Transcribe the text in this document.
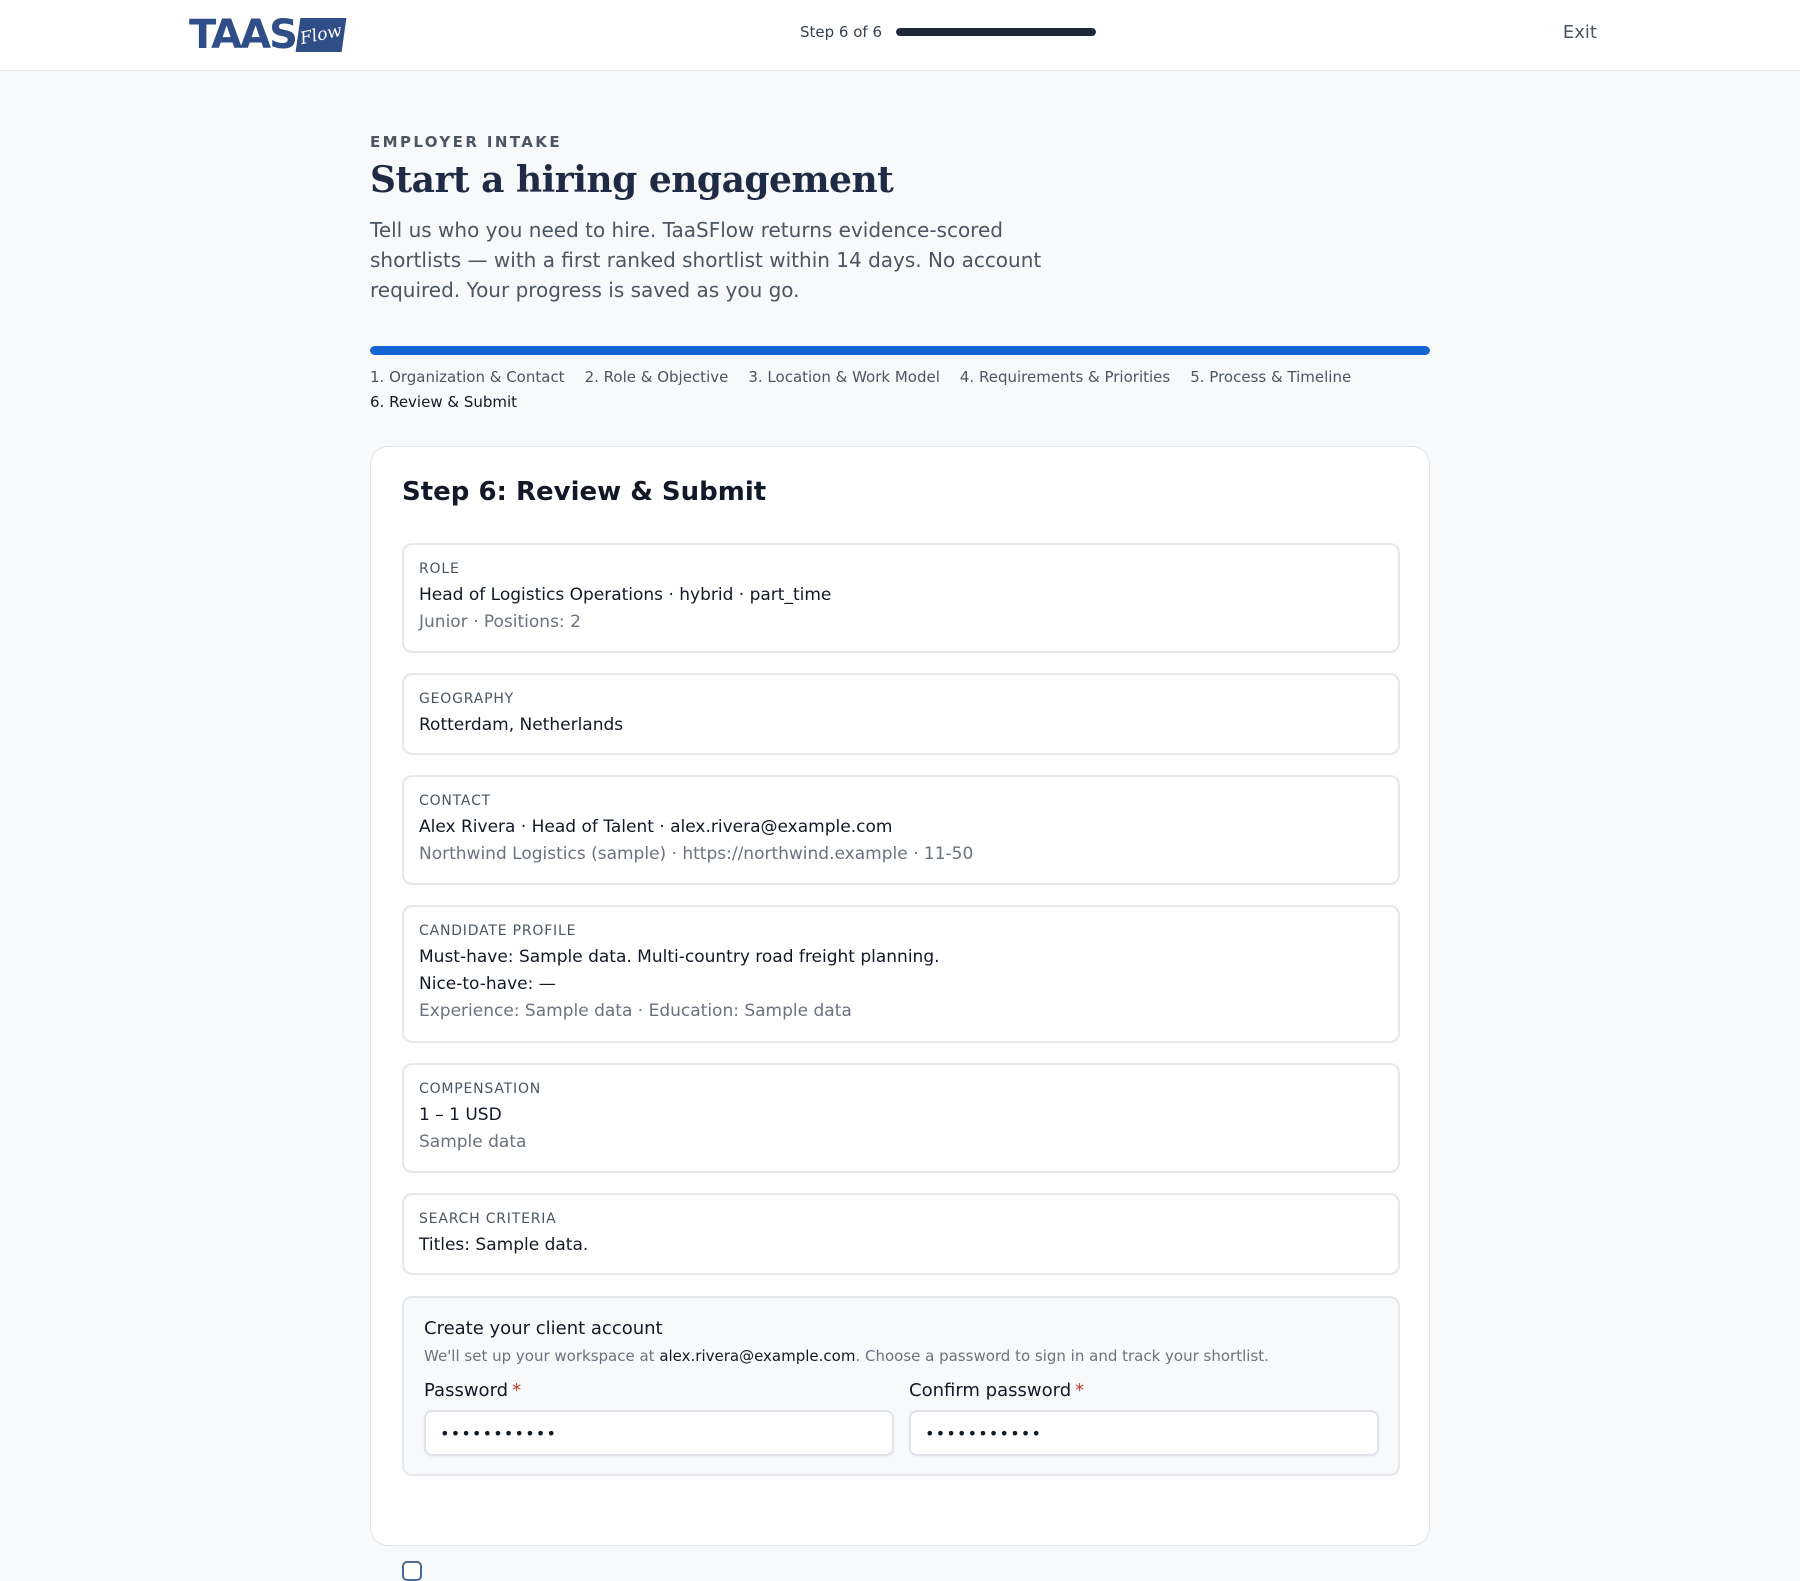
TAAS Flow	Step 6 of 6	Exit
EMPLOYER INTAKE
Start a hiring engagement

Tell us who you need to hire. TaaSFlow returns evidence-scored shortlists — with a first ranked shortlist within 14 days. No account required. Your progress is saved as you go.

1. Organization & Contact 2. Role & Objective 3. Location & Work Model 4. Requirements & Priorities 5. Process & Timeline
6. Review & Submit
Step 6: Review & Submit
ROLE
Head of Logistics Operations · hybrid · part_time
Junior · Positions: 2
GEOGRAPHY
Rotterdam, Netherlands
CONTACT
Alex Rivera · Head of Talent · alex.rivera@example.com
Northwind Logistics (sample) · https://northwind.example · 11-50
CANDIDATE PROFILE
Must-have: Sample data. Multi-country road freight planning.
Nice-to-have: —
Experience: Sample data · Education: Sample data
COMPENSATION
1 – 1 USD
Sample data
SEARCH CRITERIA
Titles: Sample data.
Create your client account
We'll set up your workspace at alex.rivera@example.com. Choose a password to sign in and track your shortlist.
Password *
•••••••••••	Confirm password *
•••••••••••
